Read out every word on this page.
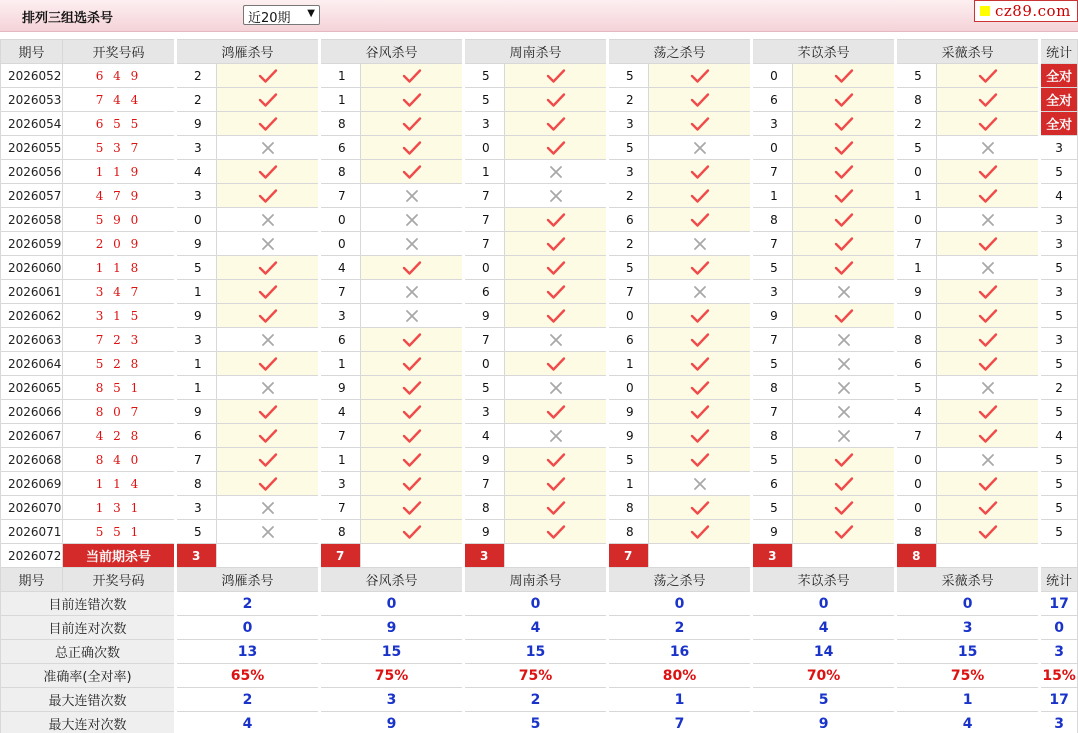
排列三组选杀号	近20期 ▼	cz89.com
期号	开奖号码	鸿雁杀号		谷风杀号		周南杀号		荡之杀号		芣苡杀号		采薇杀号		统计
2026052	6 4 9	2		1		5		5		0		5		全对
2026053	7 4 4	2		1		5		2		6		8		全对
2026054	6 5 5	9		8		3		3		3		2		全对
2026055	5 3 7	3		6		0		5		0		5		3
2026056	1 1 9	4		8		1		3		7		0		5
2026057	4 7 9	3		7		7		2		1		1		4
2026058	5 9 0	0		0		7		6		8		0		3
2026059	2 0 9	9		0		7		2		7		7		3
2026060	1 1 8	5		4		0		5		5		1		5
2026061	3 4 7	1		7		6		7		3		9		3
2026062	3 1 5	9		3		9		0		9		0		5
2026063	7 2 3	3		6		7		6		7		8		3
2026064	5 2 8	1		1		0		1		5		6		5
2026065	8 5 1	1		9		5		0		8		5		2
2026066	8 0 7	9		4		3		9		7		4		5
2026067	4 2 8	6		7		4		9		8		7		4
2026068	8 4 0	7		1		9		5		5		0		5
2026069	1 1 4	8		3		7		1		6		0		5
2026070	1 3 1	3		7		8		8		5		0		5
2026071	5 5 1	5		8		9		8		9		8		5
2026072	当前期杀号	3		7		3		7		3		8		
期号	开奖号码	鸿雁杀号		谷风杀号		周南杀号		荡之杀号		芣苡杀号		采薇杀号		统计
目前连错次数		2		0		0		0		0		0		17
目前连对次数		0		9		4		2		4		3		0
总正确次数		13		15		15		16		14		15		3
准确率(全对率)		65%		75%		75%		80%		70%		75%		15%
最大连错次数		2		3		2		1		5		1		17
最大连对次数		4		9		5		7		9		4		3
